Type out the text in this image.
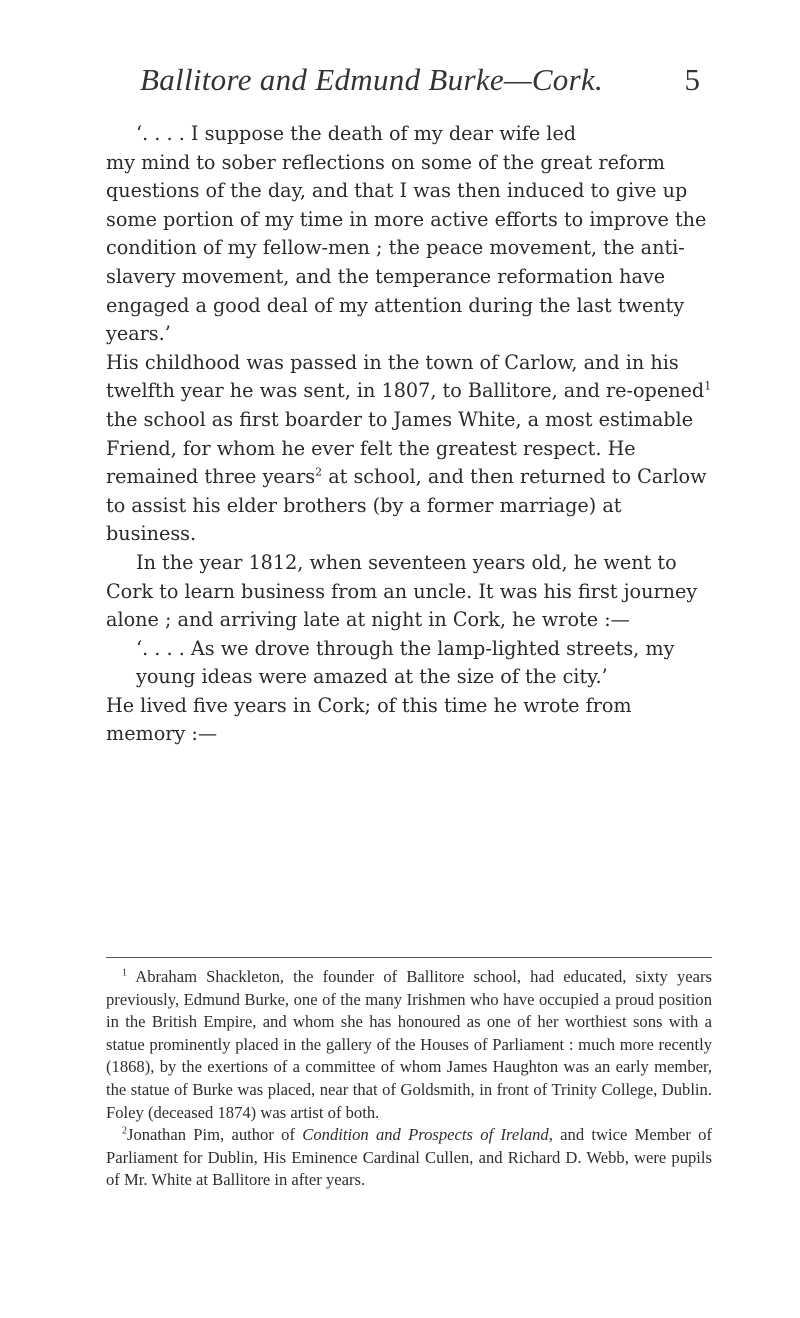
Ballitore and Edmund Burke—Cork.	5

‘. . . . I suppose the death of my dear wife led

my mind to sober reflections on some of the great reform questions of the day, and that I was then induced to give up some portion of my time in more active efforts to improve the condition of my fellow-men ; the peace movement, the anti-slavery movement, and the temperance reformation have engaged a good deal of my attention during the last twenty years.’

His childhood was passed in the town of Carlow, and in his twelfth year he was sent, in 1807, to Ballitore, and re-opened$^1$ the school as first boarder to James White, a most estimable Friend, for whom he ever felt the greatest respect. He remained three years$^2$ at school, and then returned to Carlow to assist his elder brothers (by a former marriage) at business.

In the year 1812, when seventeen years old, he went to Cork to learn business from an uncle. It was his first journey alone ; and arriving late at night in Cork, he wrote :—

‘. . . . As we drove through the lamp-lighted streets, my young ideas were amazed at the size of the city.’

He lived five years in Cork; of this time he wrote from memory :—

$^1$ Abraham Shackleton, the founder of Ballitore school, had educated, sixty years previously, Edmund Burke, one of the many Irishmen who have occupied a proud position in the British Empire, and whom she has honoured as one of her worthiest sons with a statue prominently placed in the gallery of the Houses of Parliament : much more recently (1868), by the exertions of a committee of whom James Haughton was an early member, the statue of Burke was placed, near that of Goldsmith, in front of Trinity College, Dublin. Foley (deceased 1874) was artist of both.

$^2$Jonathan Pim, author of Condition and Prospects of Ireland, and twice Member of Parliament for Dublin, His Eminence Cardinal Cullen, and Richard D. Webb, were pupils of Mr. White at Ballitore in after years.
